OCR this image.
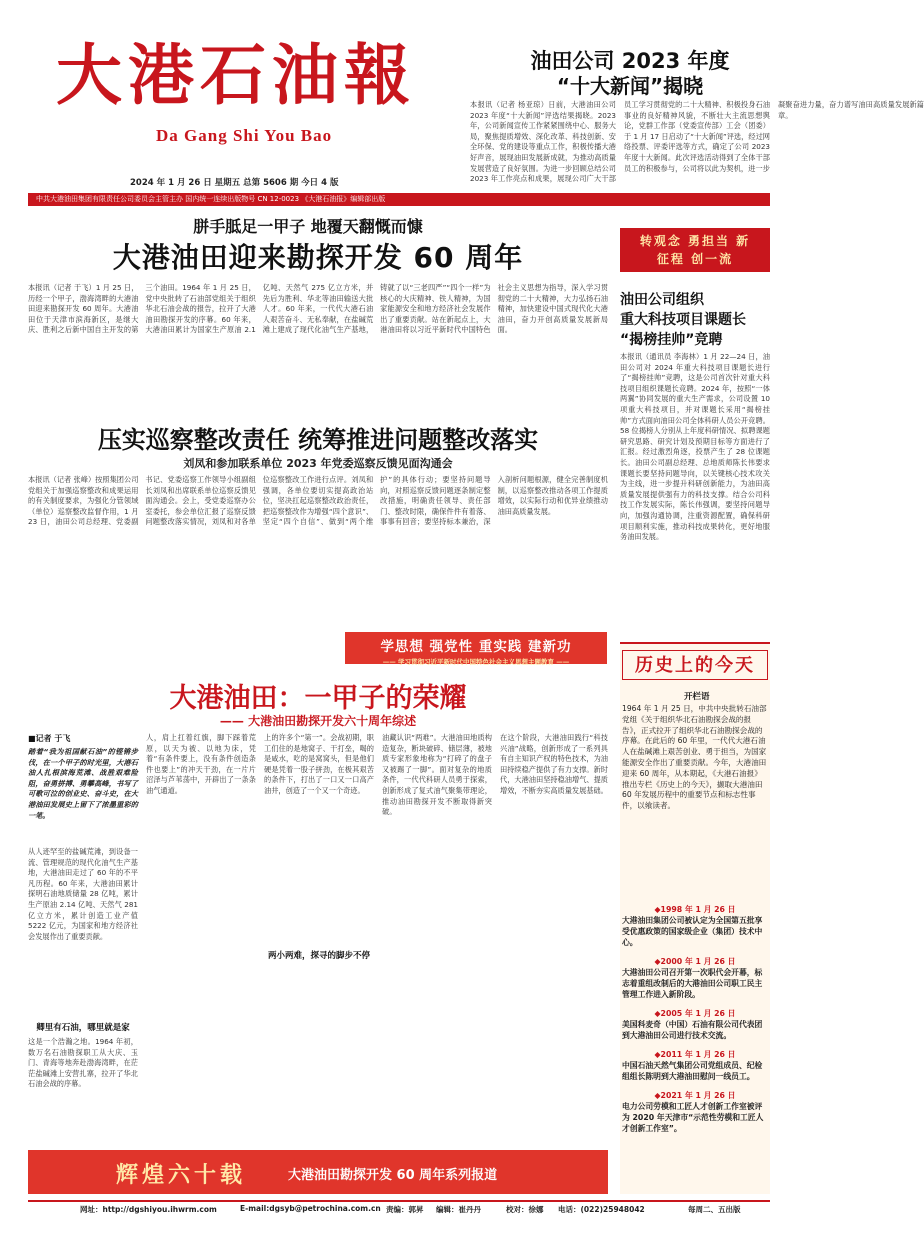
大港石油報
Da Gang Shi You Bao
2024 年 1 月 26 日 星期五 总第 5606 期 今日 4 版
中共大港油田集团有限责任公司委员会主管主办 国内统一连续出版物号 CN 12-0023 《大港石油报》编辑部出版
油田公司 2023 年度
“十大新闻”揭晓
本报讯（记者 杨亚琼）日前，大港油田公司 2023 年度“十大新闻”评选结果揭晓。2023 年，公司新闻宣传工作紧紧围绕中心、服务大局，聚焦提质增效、深化改革、科技创新、安全环保、党的建设等重点工作，积极传播大港好声音，展现油田发展新成就，为推动高质量发展营造了良好氛围。为进一步回顾总结公司 2023 年工作亮点和成果，展现公司广大干部员工学习贯彻党的二十大精神、积极投身石油事业的良好精神风貌，不断壮大主流思想舆论，党群工作部（党委宣传部）工会（团委）于 1 月 17 日启动了“十大新闻”评选，经过网络投票、评委评选等方式，确定了公司 2023 年度十大新闻。此次评选活动得到了全体干部员工的积极参与，公司将以此为契机，进一步凝聚奋进力量，奋力谱写油田高质量发展新篇章。
胼手胝足一甲子 地覆天翻慨而慷
大港油田迎来勘探开发 60 周年
本报讯（记者 于飞）1 月 25 日，历经一个甲子，渤海湾畔的大港油田迎来勘探开发 60 周年。大港油田位于天津市滨海新区，是继大庆、胜利之后新中国自主开发的第三个油田。1964 年 1 月 25 日，党中央批转了石油部党组关于组织华北石油会战的报告，拉开了大港油田勘探开发的序幕。60 年来，大港油田累计为国家生产原油 2.1 亿吨、天然气 275 亿立方米，并先后为胜利、华北等油田输送大批人才。60 年来，一代代大港石油人艰苦奋斗、无私奉献，在盐碱荒滩上建成了现代化油气生产基地，铸就了以“三老四严”“四个一样”为核心的大庆精神、铁人精神，为国家能源安全和地方经济社会发展作出了重要贡献。站在新起点上，大港油田将以习近平新时代中国特色社会主义思想为指导，深入学习贯彻党的二十大精神，大力弘扬石油精神，加快建设中国式现代化大港油田，奋力开创高质量发展新局面。
压实巡察整改责任 统筹推进问题整改落实
刘凤和参加联系单位 2023 年党委巡察反馈见面沟通会
本报讯（记者 张峰）按照集团公司党组关于加强巡察整改和成果运用的有关制度要求，为强化分管领域（单位）巡察整改监督作用，1 月 23 日，油田公司总经理、党委副书记、党委巡察工作领导小组副组长刘凤和出席联系单位巡察反馈见面沟通会。会上，受党委巡察办公室委托，参会单位汇报了巡察反馈问题整改落实情况，刘凤和对各单位巡察整改工作进行点评。刘凤和强调，各单位要切实提高政治站位，坚决扛起巡察整改政治责任，把巡察整改作为增强“四个意识”、坚定“四个自信”、做到“两个维护”的具体行动；要坚持问题导向，对照巡察反馈问题逐条制定整改措施，明确责任领导、责任部门、整改时限，确保件件有着落、事事有回音；要坚持标本兼治，深入剖析问题根源，健全完善制度机制，以巡察整改推动各项工作提质增效，以实际行动和优异业绩推动油田高质量发展。
学思想 强党性 重实践 建新功
—— 学习贯彻习近平新时代中国特色社会主义思想主题教育 ——
大港油田：一甲子的荣耀
—— 大港油田勘探开发六十周年综述
■记者 于飞
踏着“我为祖国献石油”的铿锵步伐，在一个甲子的时光里，大港石油人扎根滨海荒滩、战胜艰难险阻，奋勇拼搏、勇攀高峰，书写了可歌可泣的创业史、奋斗史，在大港油田发展史上留下了浓墨重彩的一笔。
从人迹罕至的盐碱荒滩，到设备一流、管理规范的现代化油气生产基地，大港油田走过了 60 年的不平凡历程。60 年来，大港油田累计探明石油地质储量 28 亿吨，累计生产原油 2.14 亿吨、天然气 281 亿立方米，累计创造工业产值 5222 亿元，为国家和地方经济社会发展作出了重要贡献。
卿里有石油，哪里就是家
这是一个浩瀚之地。1964 年初，数万名石油勘探职工从大庆、玉门、青海等地奔赴渤海湾畔，在茫茫盐碱滩上安营扎寨，拉开了华北石油会战的序幕。
人，肩上扛着红旗，脚下踩着荒原，以天为被、以地为床，凭着“有条件要上，没有条件创造条件也要上”的冲天干劲，在一片片沼泽与芦苇荡中，开辟出了一条条油气通道。
上的许多个“第一”。会战初期，职工们住的是地窝子、干打垒，喝的是咸水，吃的是窝窝头，但是他们硬是凭着一股子拼劲，在极其艰苦的条件下，打出了一口又一口高产油井，创造了一个又一个奇迹。
两小两难，探寻的脚步不停
油藏认识“两难”。大港油田地质构造复杂，断块破碎、储层薄，被地质专家形象地称为“打碎了的盘子又被踢了一脚”。面对复杂的地质条件，一代代科研人员勇于探索，创新形成了复式油气聚集带理论，推动油田勘探开发不断取得新突破。
在这个阶段，大港油田践行“科技兴油”战略，创新形成了一系列具有自主知识产权的特色技术，为油田持续稳产提供了有力支撑。新时代，大港油田坚持稳油增气、提质增效，不断夯实高质量发展基础。
辉煌六十载	大港油田勘探开发 60 周年系列报道
转观念 勇担当 新征程 创一流
油田公司组织
重大科技项目课题长
“揭榜挂帅”竞聘
本报讯（通讯员 李海林）1 月 22—24 日，油田公司对 2024 年重大科技项目课题长进行了“揭榜挂帅”竞聘，这是公司首次针对重大科技项目组织课题长竞聘。2024 年，按照“一体两翼”协同发展的重大生产需求，公司设置 10 项重大科技项目，并对课题长采用“揭榜挂帅”方式面向油田公司全体科研人员公开竞聘。58 位揭榜人分别从上年度科研情况、拟聘课题研究思路、研究计划及预期目标等方面进行了汇报。经过激烈角逐，投票产生了 28 位课题长。油田公司副总经理、总地质师陈长伟要求课题长要坚持问题导向，以关键核心技术攻关为主线，进一步提升科研创新能力，为油田高质量发展提供强有力的科技支撑。结合公司科技工作发展实际，陈长伟强调，要坚持问题导向，加强沟通协调，注重资源配置，确保科研项目顺利实施，推动科技成果转化，更好地服务油田发展。
历史上的今天
开栏语
1964 年 1 月 25 日，中共中央批转石油部党组《关于组织华北石油勘探会战的报告》，正式拉开了组织华北石油勘探会战的序幕。在此后的 60 年里，一代代大港石油人在盐碱滩上艰苦创业、勇于担当，为国家能源安全作出了重要贡献。今年，大港油田迎来 60 周年，从本期起，《大港石油报》推出专栏《历史上的今天》，撷取大港油田 60 年发展历程中的重要节点和标志性事件，以飨读者。
◆1998 年 1 月 26 日
大港油田集团公司被认定为全国第五批享受优惠政策的国家级企业（集团）技术中心。
◆2000 年 1 月 26 日
大港油田公司召开第一次职代会开幕，标志着重组改制后的大港油田公司职工民主管理工作进入新阶段。
◆2005 年 1 月 26 日
美国科麦奇（中国）石油有限公司代表团到大港油田公司进行技术交流。
◆2011 年 1 月 26 日
中国石油天然气集团公司党组成员、纪检组组长陈明到大港油田慰问一线员工。
◆2021 年 1 月 26 日
电力公司劳模和工匠人才创新工作室被评为 2020 年天津市“示范性劳模和工匠人才创新工作室”。
网址：http://dgshiyou.ihwrm.com	E-mail:dgsyb@petrochina.com.cn 责编：郭昇 编辑：崔丹丹	校对：徐娜 电话：(022)25948042	每周二、五出版
